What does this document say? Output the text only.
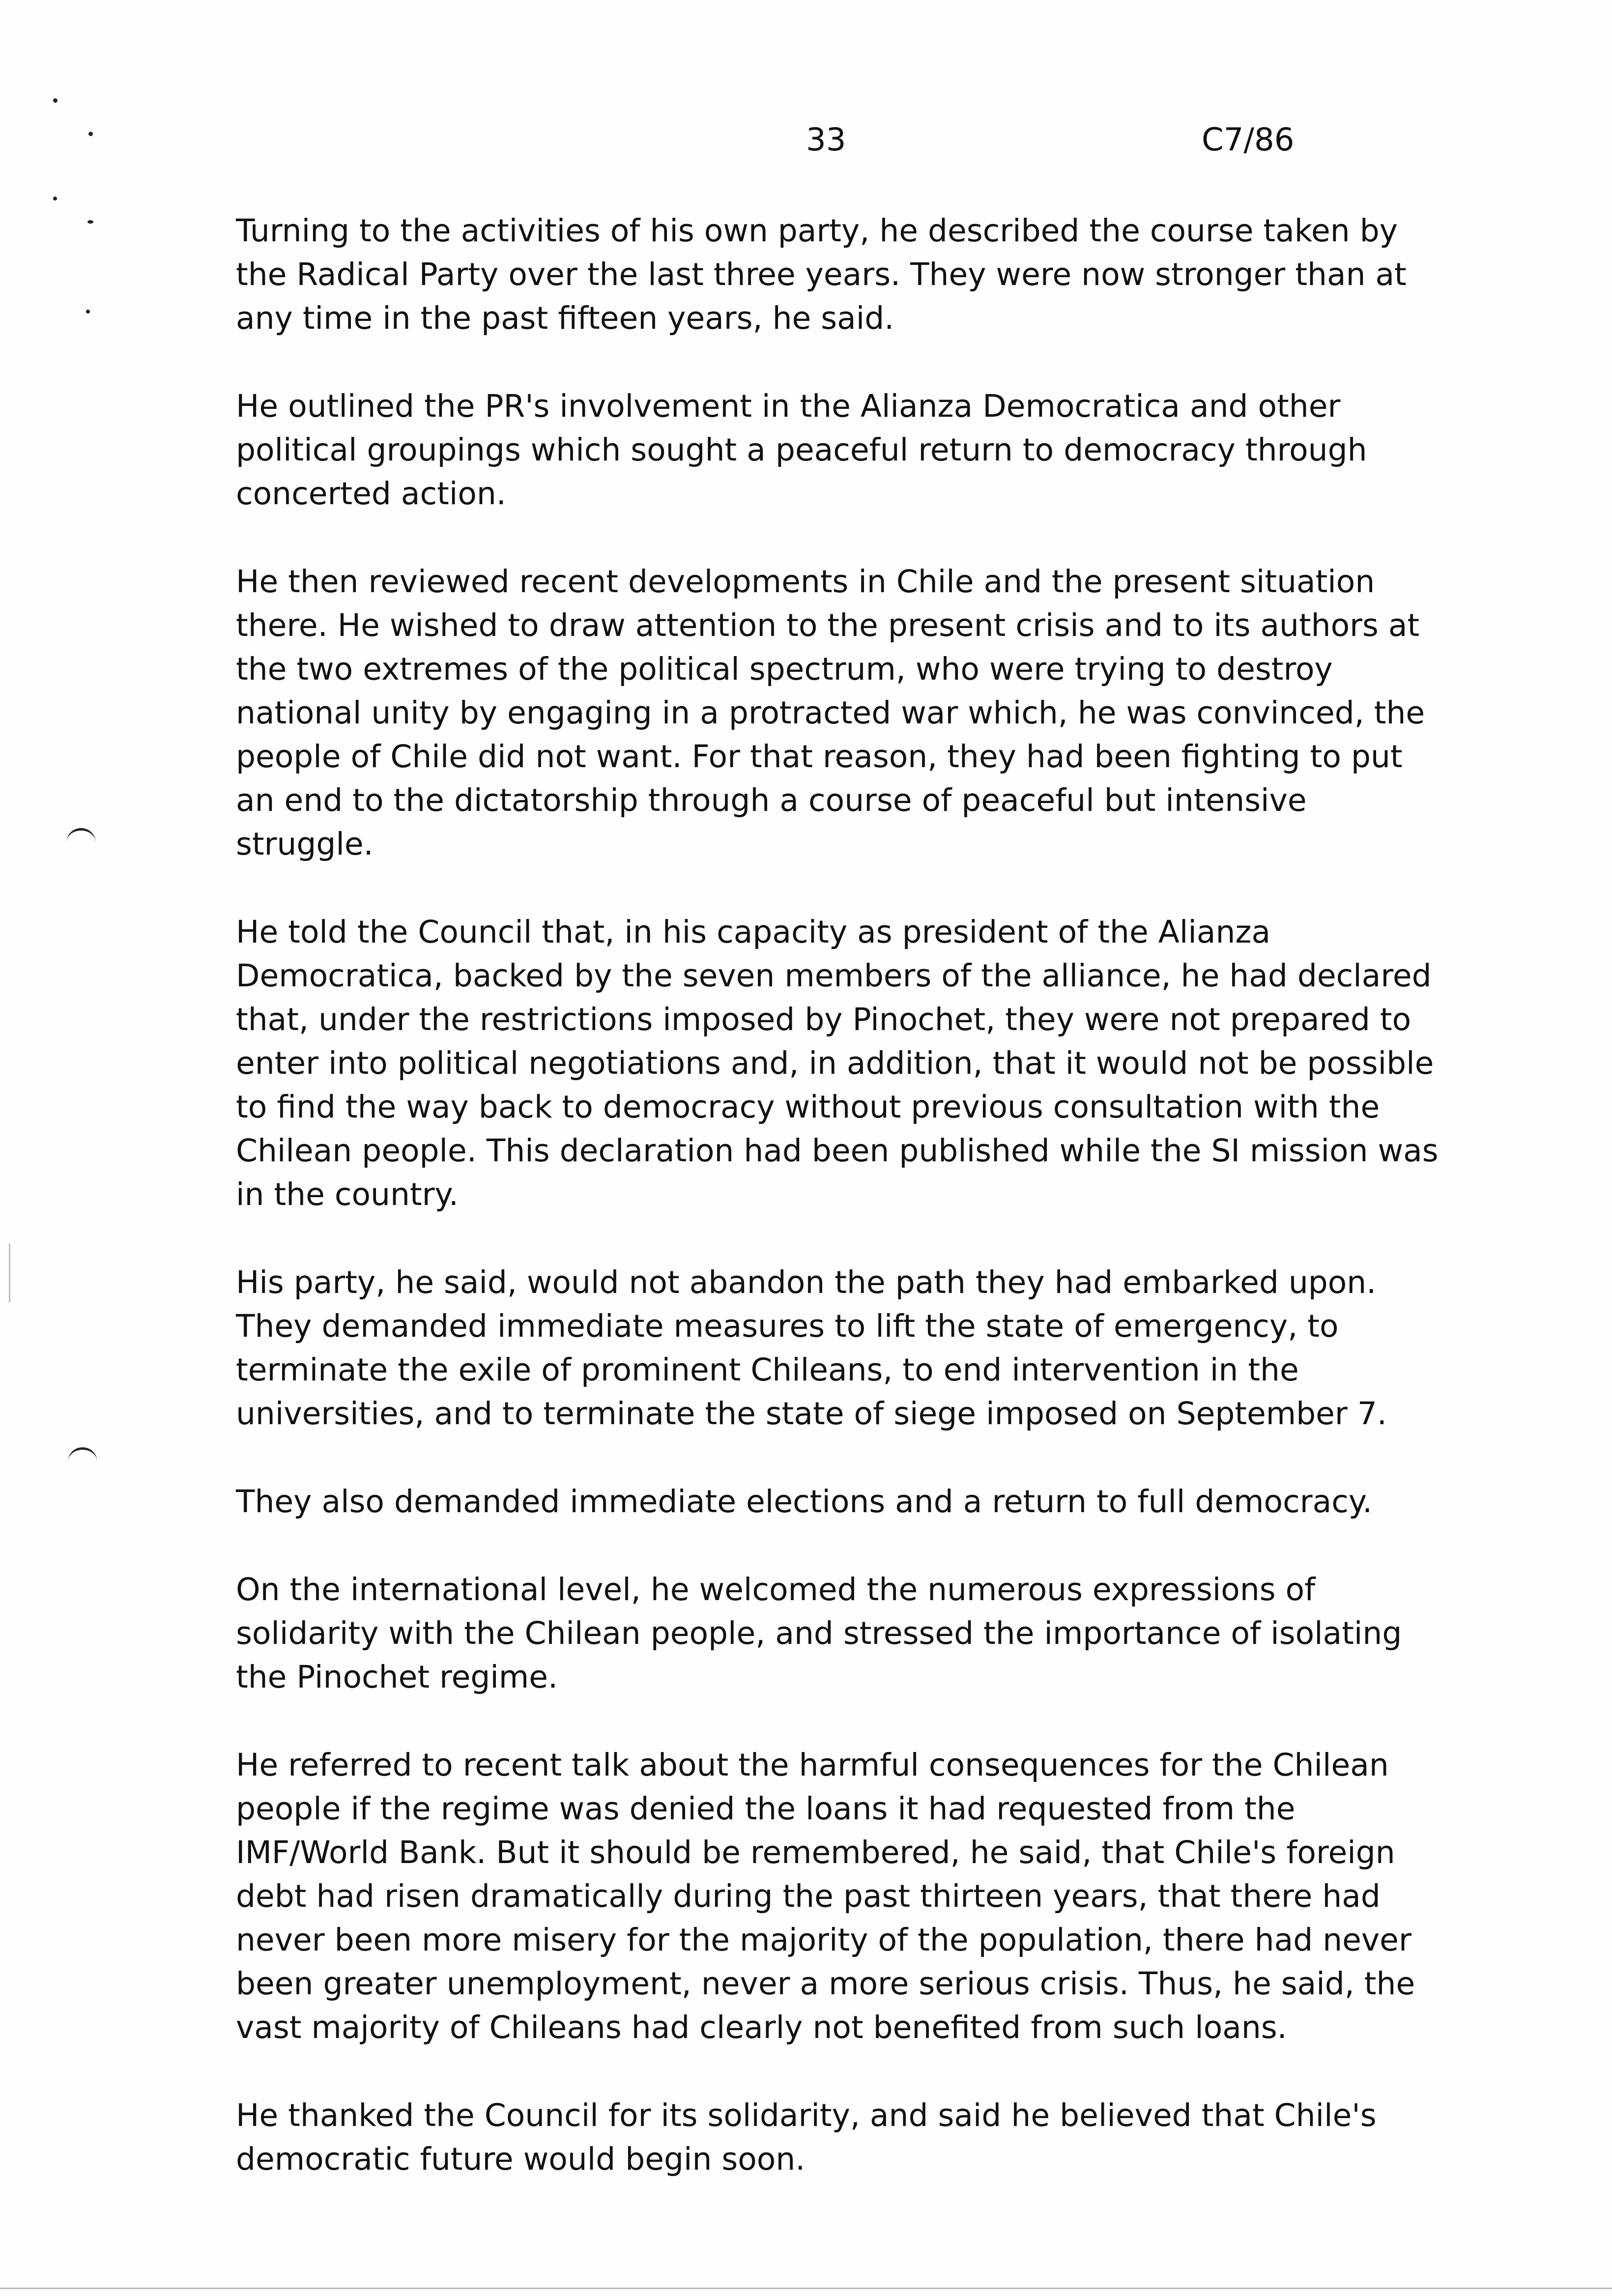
33	C7/86

Turning to the activities of his own party, he described the course taken by the Radical Party over the last three years. They were now stronger than at any time in the past fifteen years, he said.

He outlined the PR's involvement in the Alianza Democratica and other political groupings which sought a peaceful return to democracy through concerted action.

He then reviewed recent developments in Chile and the present situation there. He wished to draw attention to the present crisis and to its authors at the two extremes of the political spectrum, who were trying to destroy national unity by engaging in a protracted war which, he was convinced, the people of Chile did not want. For that reason, they had been fighting to put an end to the dictatorship through a course of peaceful but intensive struggle.

He told the Council that, in his capacity as president of the Alianza Democratica, backed by the seven members of the alliance, he had declared that, under the restrictions imposed by Pinochet, they were not prepared to enter into political negotiations and, in addition, that it would not be possible to find the way back to democracy without previous consultation with the Chilean people. This declaration had been published while the SI mission was in the country.

His party, he said, would not abandon the path they had embarked upon. They demanded immediate measures to lift the state of emergency, to terminate the exile of prominent Chileans, to end intervention in the universities, and to terminate the state of siege imposed on September 7.

They also demanded immediate elections and a return to full democracy.

On the international level, he welcomed the numerous expressions of solidarity with the Chilean people, and stressed the importance of isolating the Pinochet regime.

He referred to recent talk about the harmful consequences for the Chilean people if the regime was denied the loans it had requested from the IMF/World Bank. But it should be remembered, he said, that Chile's foreign debt had risen dramatically during the past thirteen years, that there had never been more misery for the majority of the population, there had never been greater unemployment, never a more serious crisis. Thus, he said, the vast majority of Chileans had clearly not benefited from such loans.

He thanked the Council for its solidarity, and said he believed that Chile's democratic future would begin soon.
